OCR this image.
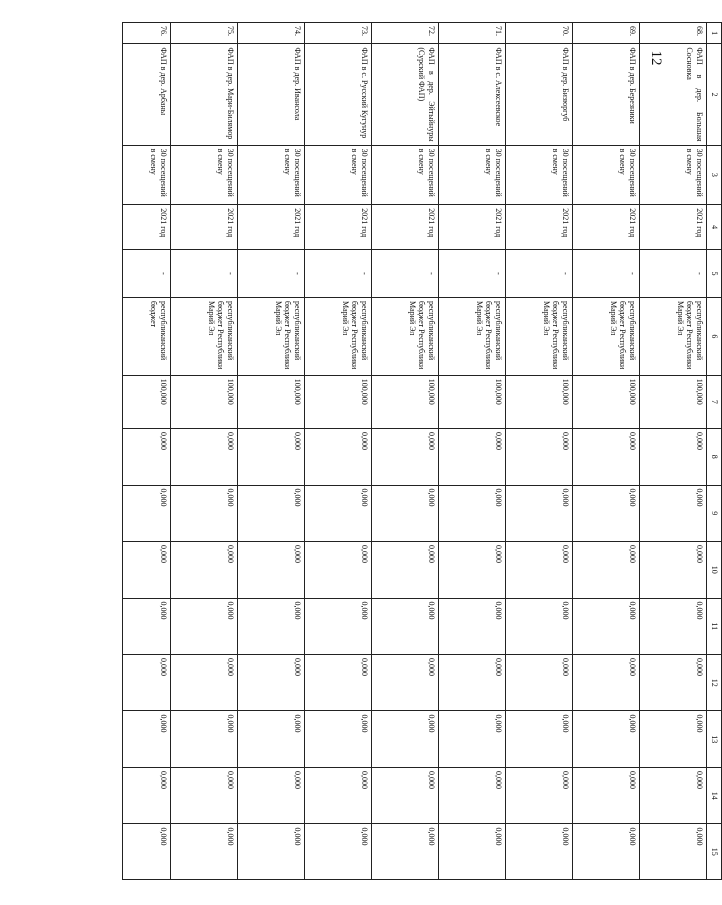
12
1	2	3	4	5	6	7	8	9	10	11	12	13	14	15
68.	ФАП в дер. Большая Сосновка	30 посещений в смену	2021 год	-	республиканский бюджет Республики Марий Эл	100,000	0,000	0,000	0,000	0,000	0,000	0,000	0,000	0,000
69.	ФАП в дер. Березники	30 посещений в смену	2021 год	-	республиканский бюджет Республики Марий Эл	100,000	0,000	0,000	0,000	0,000	0,000	0,000	0,000	0,000
70.	ФАП в дер. Бизюргуб	30 посещений в смену	2021 год	-	республиканский бюджет Республики Марий Эл	100,000	0,000	0,000	0,000	0,000	0,000	0,000	0,000	0,000
71.	ФАП в с. Алексеевское	30 посещений в смену	2021 год	-	республиканский бюджет Республики Марий Эл	100,000	0,000	0,000	0,000	0,000	0,000	0,000	0,000	0,000
72.	ФАП в дер. Эйтыйнуры (Сурский ФАП)	30 посещений в смену	2021 год	-	республиканский бюджет Республики Марий Эл	100,000	0,000	0,000	0,000	0,000	0,000	0,000	0,000	0,000
73.	ФАП в с. Русский Кугунур	30 посещений в смену	2021 год	-	республиканский бюджет Республики Марий Эл	100,000	0,000	0,000	0,000	0,000	0,000	0,000	0,000	0,000
74.	ФАП в дер. Ивансола	30 посещений в смену	2021 год	-	республиканский бюджет Республики Марий Эл	100,000	0,000	0,000	0,000	0,000	0,000	0,000	0,000	0,000
75.	ФАП в дер. Мари-Билямор	30 посещений в смену	2021 год	-	республиканский бюджет Республики Марий Эл	100,000	0,000	0,000	0,000	0,000	0,000	0,000	0,000	0,000
76.	ФАП в дер. Арбаны	30 посещений в смену	2021 год	-	республиканский бюджет	100,000	0,000	0,000	0,000	0,000	0,000	0,000	0,000	0,000
